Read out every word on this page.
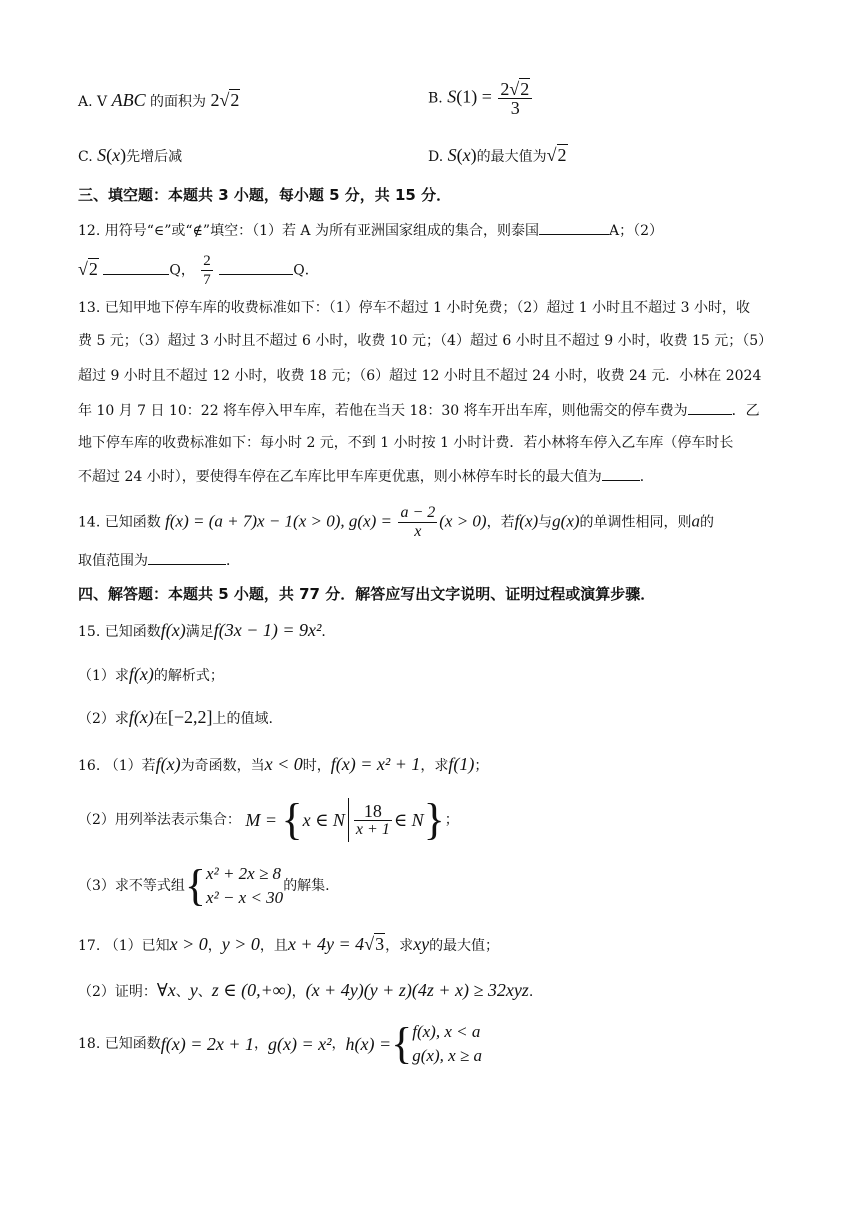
A. V ABC 的面积为 2√2	B. $S(1) = \frac{2√2}{3}$
C. S(x)先增后减	D. S(x)的最大值为√2
三、填空题：本题共 3 小题，每小题 5 分，共 15 分．
12. 用符号“∈”或“∉”填空：（1）若 A 为所有亚洲国家组成的集合，则泰国	A；（2）
√2	Q， $\frac{2}{7}$	Q．
13. 已知甲地下停车库的收费标准如下：（1）停车不超过 1 小时免费；（2）超过 1 小时且不超过 3 小时，收
费 5 元；（3）超过 3 小时且不超过 6 小时，收费 10 元；（4）超过 6 小时且不超过 9 小时，收费 15 元；（5）
超过 9 小时且不超过 12 小时，收费 18 元；（6）超过 12 小时且不超过 24 小时，收费 24 元．小林在 2024
年 10 月 7 日 10：22 将车停入甲车库，若他在当天 18：30 将车开出车库，则他需交的停车费为	．乙
地下停车库的收费标准如下：每小时 2 元，不到 1 小时按 1 小时计费．若小林将车停入乙车库（停车时长
不超过 24 小时），要使得车停在乙车库比甲车库更优惠，则小林停车时长的最大值为	．
14. 已知函数 f(x) = (a + 7)x − 1(x > 0), $g(x) = \frac{a - 2}{x} (x > 0)$，若f(x)与g(x)的单调性相同，则a的
取值范围为	．
四、解答题：本题共 5 小题，共 77 分．解答应写出文字说明、证明过程或演算步骤．
15. 已知函数f(x)满足f(3x − 1) = 9x²．
（1）求f(x)的解析式；
（2）求f(x)在[−2,2]上的值域.
16. （1）若f(x)为奇函数，当x < 0时，f(x) = x² + 1，求f(1)；
（2）用列举法表示集合： M = {x ∈ N $\frac{18}{x + 1}$ ∈ N}；
（3）求不等式组{ x² + 2x ≥ 8
x² − x < 30
的解集.
17. （1）已知x > 0，y > 0，且x + 4y = 4√3，求xy的最大值；
（2）证明：∀x、y、z ∈ (0,+∞)，(x + 4y)(y + z)(4z + x) ≥ 32xyz.
18. 已知函数f(x) = 2x + 1，g(x) = x²，h(x) ={ f(x), x < a
g(x), x ≥ a
